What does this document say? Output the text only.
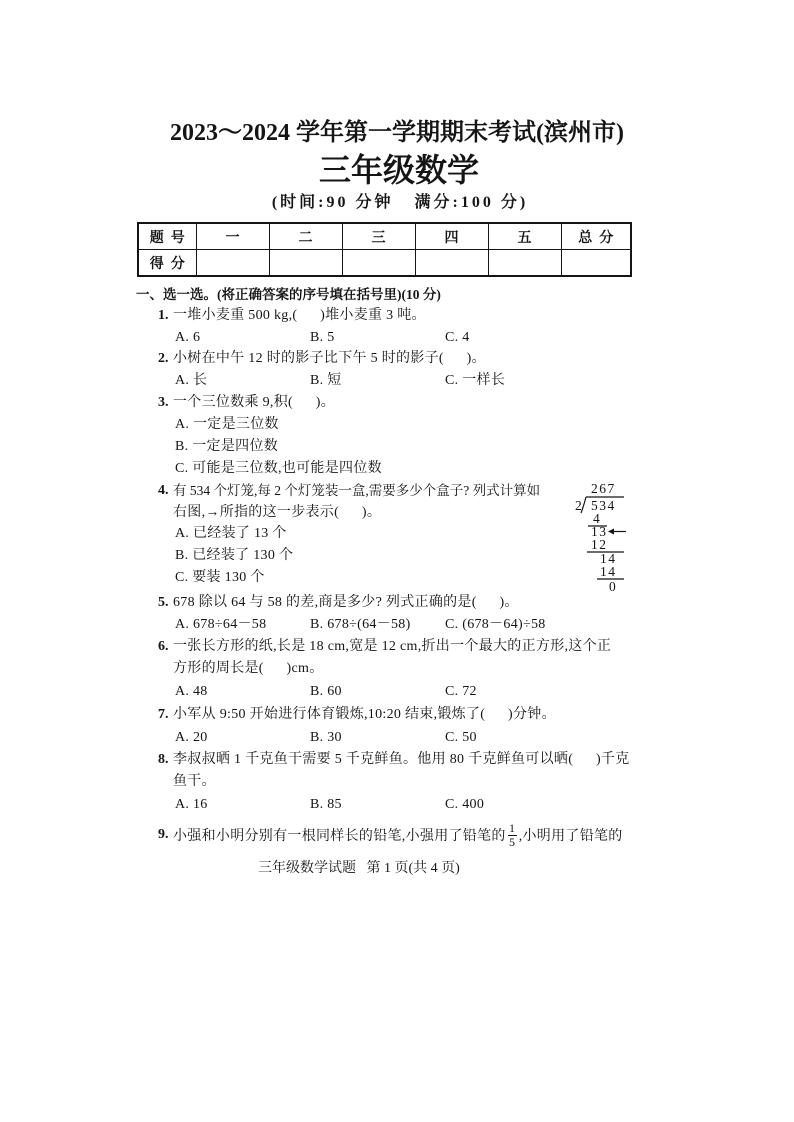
2023～2024 学年第一学期期末考试(滨州市)
三年级数学
(时间:90 分钟   满分:100 分)
题  号	一	二	三	四	五	总  分
得  分						
一、选一选。(将正确答案的序号填在括号里)(10 分)
1. 一堆小麦重 500 kg,(      )堆小麦重 3 吨。
A. 6	B. 5	C. 4
2. 小树在中午 12 时的影子比下午 5 时的影子(      )。
A. 长	B. 短	C. 一样长
3. 一个三位数乘 9,积(      )。
A. 一定是三位数
B. 一定是四位数
C. 可能是三位数,也可能是四位数
4. 有 534 个灯笼,每 2 个灯笼装一盒,需要多少个盒子? 列式计算如
右图,→所指的这一步表示(      )。
A. 已经装了 13 个
B. 已经装了 130 个
C. 要装 130 个
267
2 534
4
13
12
14
14
0
5. 678 除以 64 与 58 的差,商是多少? 列式正确的是(      )。
A. 678÷64－58	B. 678÷(64－58) C. (678－64)÷58
6. 一张长方形的纸,长是 18 cm,宽是 12 cm,折出一个最大的正方形,这个正
方形的周长是(      )cm。
A. 48	B. 60	C. 72
7. 小军从 9:50 开始进行体育锻炼,10:20 结束,锻炼了(      )分钟。
A. 20	B. 30	C. 50
8. 李叔叔晒 1 千克鱼干需要 5 千克鲜鱼。他用 80 千克鲜鱼可以晒(      )千克
鱼干。
A. 16	B. 85	C. 400
9. 小强和小明分别有一根同样长的铅笔,小强用了铅笔的 $\frac{1}{5}$ ,小明用了铅笔的
三年级数学试题   第 1 页(共 4 页)
